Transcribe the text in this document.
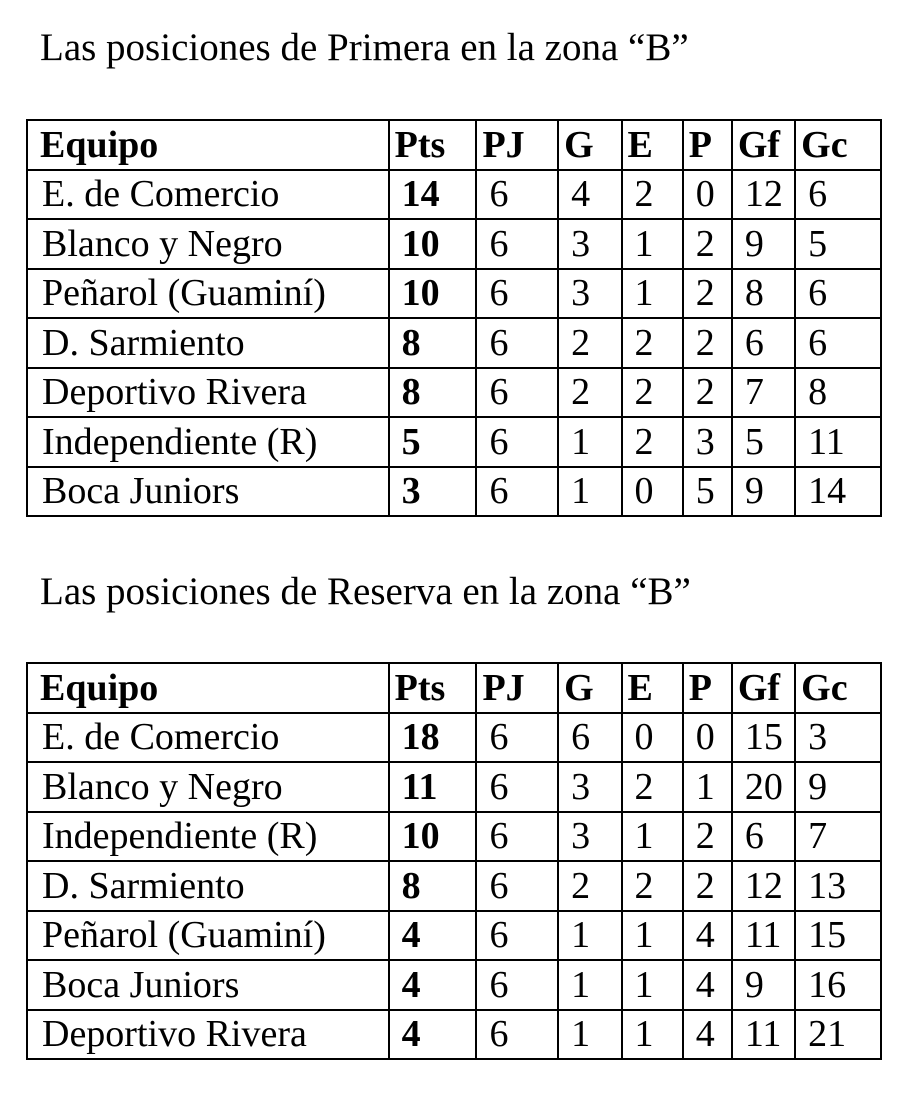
Las posiciones de Primera en la zona “B”
Equipo	Pts	PJ	G	E	P	Gf	Gc
E. de Comercio	14	6	4	2	0	12	6
Blanco y Negro	10	6	3	1	2	9	5
Peñarol (Guaminí)	10	6	3	1	2	8	6
D. Sarmiento	8	6	2	2	2	6	6
Deportivo Rivera	8	6	2	2	2	7	8
Independiente (R)	5	6	1	2	3	5	11
Boca Juniors	3	6	1	0	5	9	14
Las posiciones de Reserva en la zona “B”
Equipo	Pts	PJ	G	E	P	Gf	Gc
E. de Comercio	18	6	6	0	0	15	3
Blanco y Negro	11	6	3	2	1	20	9
Independiente (R)	10	6	3	1	2	6	7
D. Sarmiento	8	6	2	2	2	12	13
Peñarol (Guaminí)	4	6	1	1	4	11	15
Boca Juniors	4	6	1	1	4	9	16
Deportivo Rivera	4	6	1	1	4	11	21
